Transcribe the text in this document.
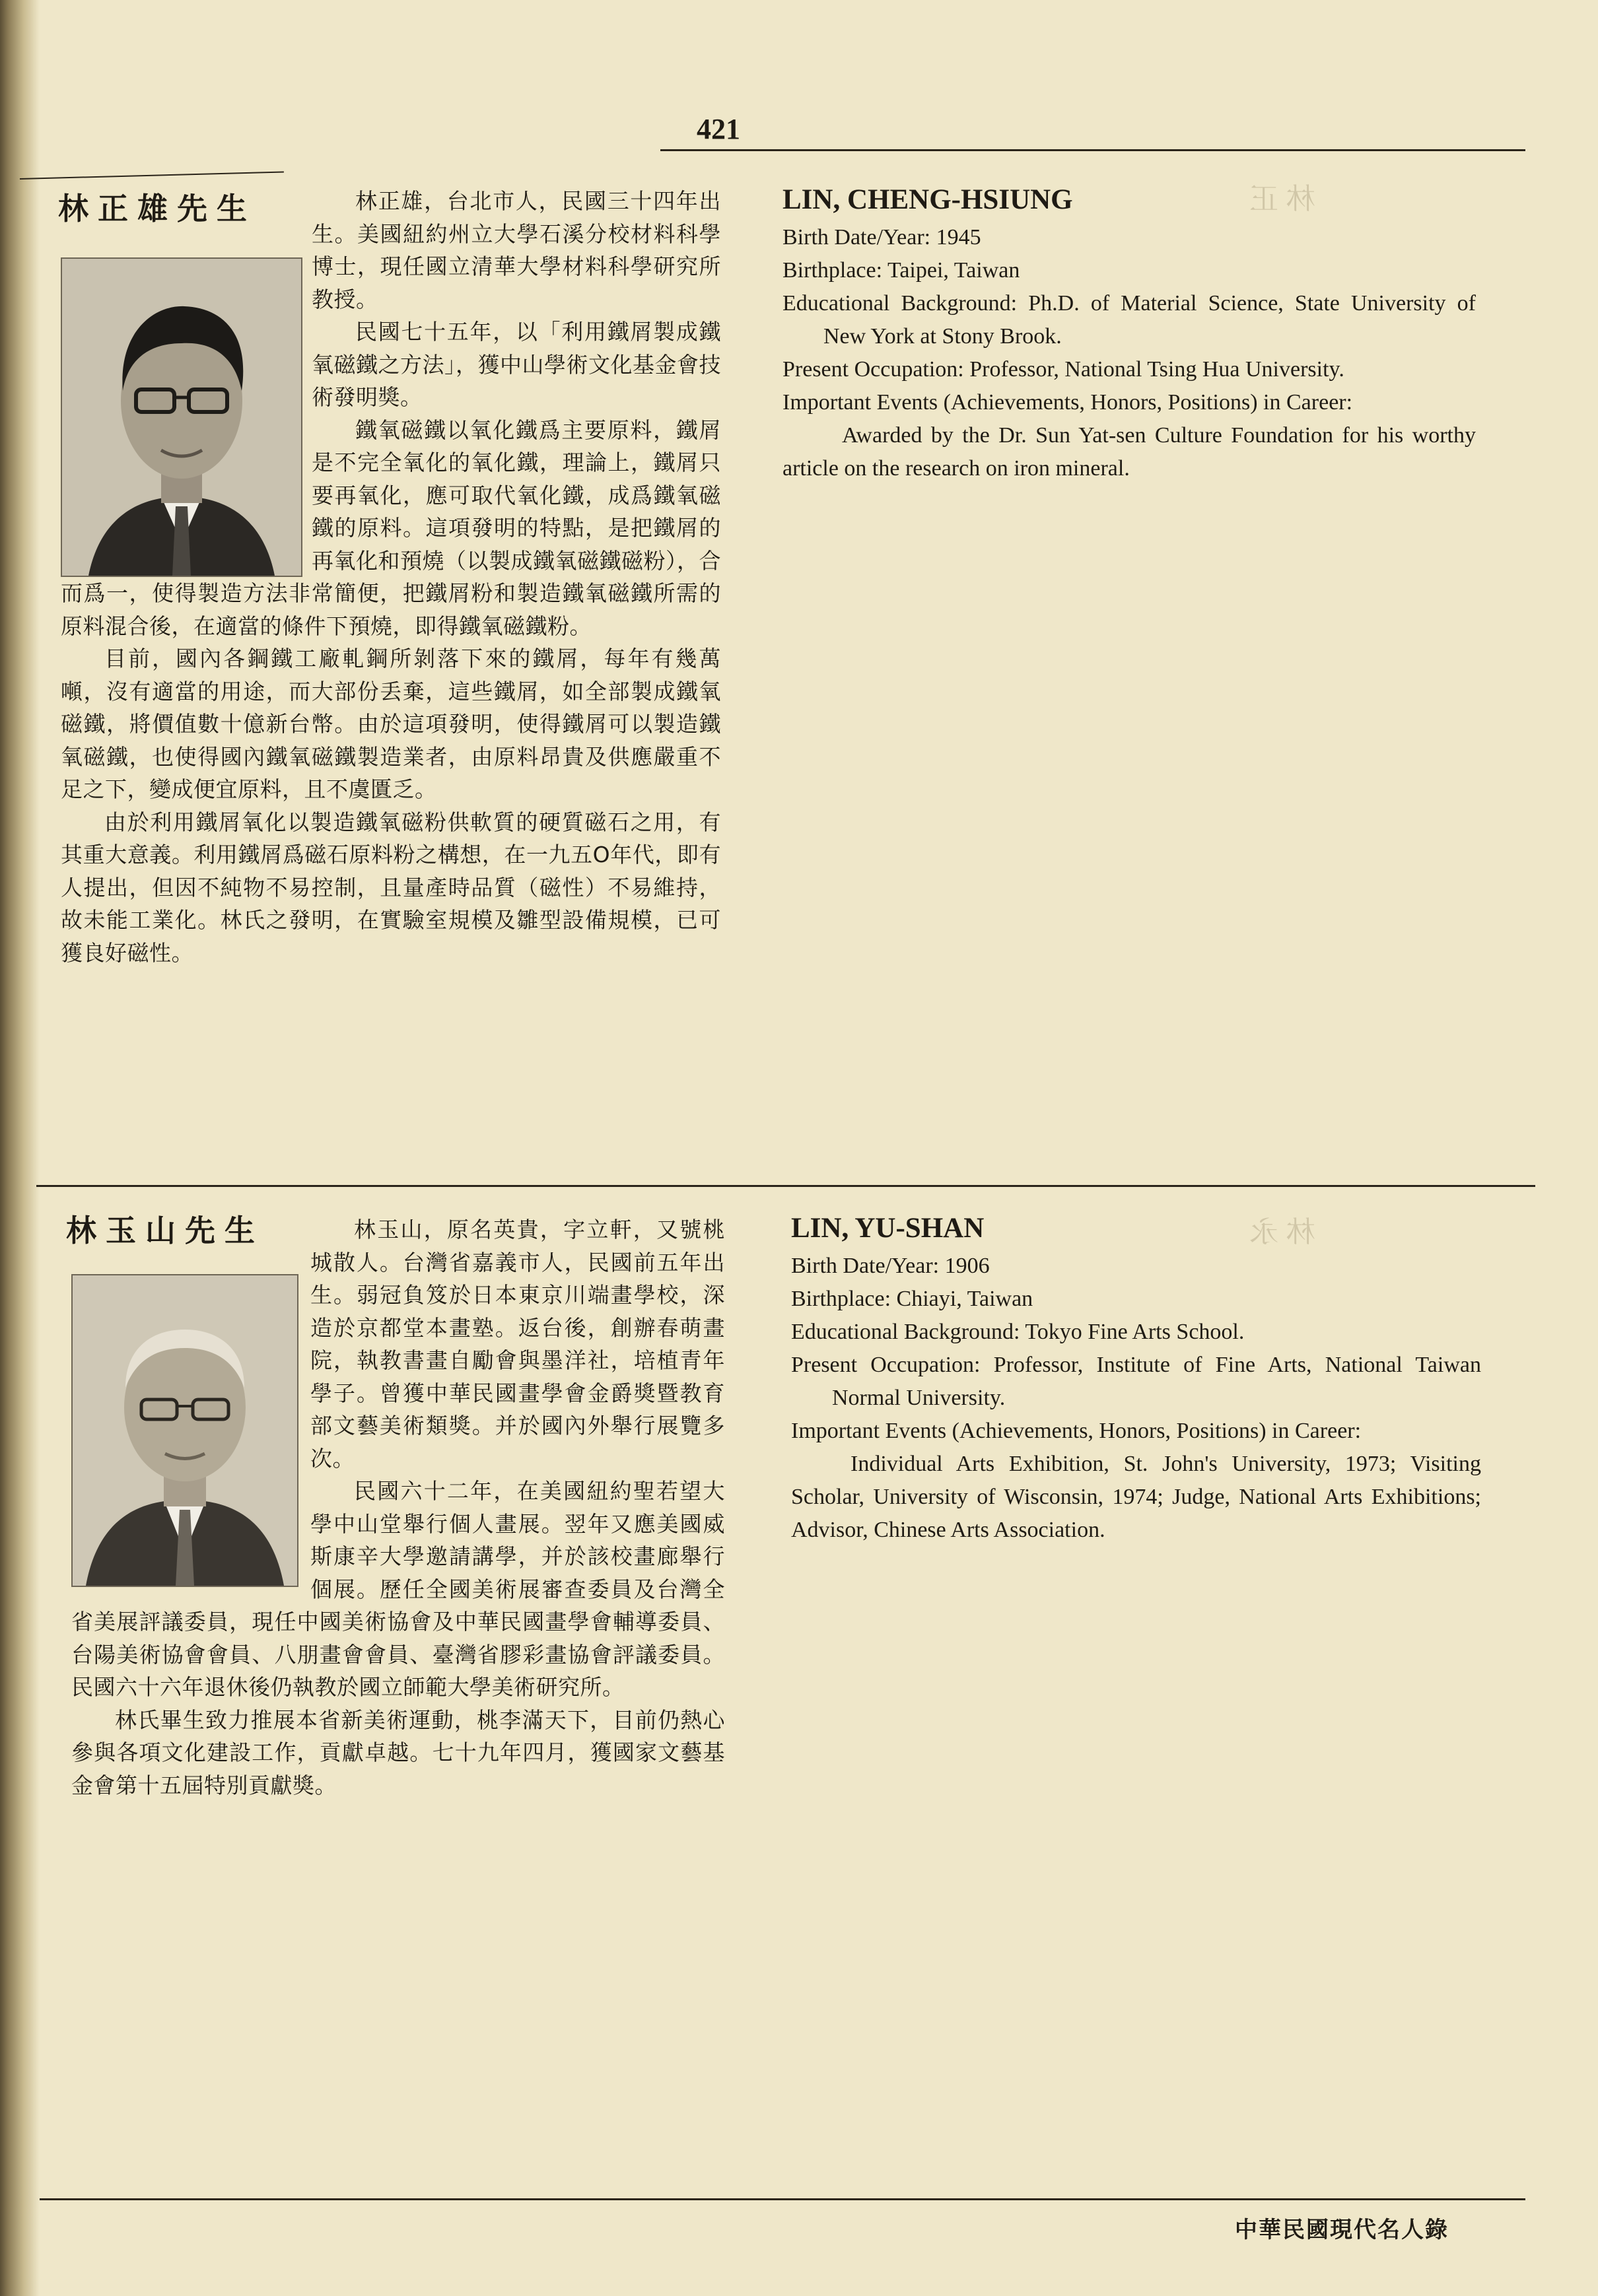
林正
林永
421
林正雄先生	林正雄，台北市人，民國三十四年出生。美國紐約州立大學石溪分校材料科學博士，現任國立清華大學材料科學研究所教授。

民國七十五年，以「利用鐵屑製成鐵氧磁鐵之方法」，獲中山學術文化基金會技術發明獎。

鐵氧磁鐵以氧化鐵爲主要原料，鐵屑是不完全氧化的氧化鐵，理論上，鐵屑只要再氧化，應可取代氧化鐵，成爲鐵氧磁鐵的原料。這項發明的特點，是把鐵屑的再氧化和預燒（以製成鐵氧磁鐵磁粉），合而爲一，使得製造方法非常簡便，把鐵屑粉和製造鐵氧磁鐵所需的原料混合後，在適當的條件下預燒，即得鐵氧磁鐵粉。

目前，國內各鋼鐵工廠軋鋼所剝落下來的鐵屑，每年有幾萬噸，沒有適當的用途，而大部份丢棄，這些鐵屑，如全部製成鐵氧磁鐵，將價值數十億新台幣。由於這項發明，使得鐵屑可以製造鐵氧磁鐵，也使得國內鐵氧磁鐵製造業者，由原料昂貴及供應嚴重不足之下，變成便宜原料，且不虞匱乏。

由於利用鐵屑氧化以製造鐵氧磁粉供軟質的硬質磁石之用，有其重大意義。利用鐵屑爲磁石原料粉之構想，在一九五O年代，即有人提出，但因不純物不易控制，且量產時品質（磁性）不易維持，故未能工業化。林氏之發明，在實驗室規模及雛型設備規模，已可獲良好磁性。

LIN, CHENG-HSIUNG

Birth Date/Year: 1945

Birthplace: Taipei, Taiwan

Educational Background: Ph.D. of Material Science, State University of New York at Stony Brook.

Present Occupation: Professor, National Tsing Hua University.

Important Events (Achievements, Honors, Positions) in Career:

Awarded by the Dr. Sun Yat-sen Culture Foundation for his worthy article on the research on iron mineral.

林玉山先生	林玉山，原名英貴，字立軒，又號桃城散人。台灣省嘉義市人，民國前五年出生。弱冠負笈於日本東京川端畫學校，深造於京都堂本畫塾。返台後，創辦春萌畫院，執教書畫自勵會與墨洋社，培植青年學子。曾獲中華民國畫學會金爵獎暨教育部文藝美術類獎。并於國內外舉行展覽多次。

民國六十二年，在美國紐約聖若望大學中山堂舉行個人畫展。翌年又應美國威斯康辛大學邀請講學，并於該校畫廊舉行個展。歷任全國美術展審查委員及台灣全省美展評議委員，現任中國美術協會及中華民國畫學會輔導委員、台陽美術協會會員、八朋畫會會員、臺灣省膠彩畫協會評議委員。民國六十六年退休後仍執教於國立師範大學美術研究所。

林氏畢生致力推展本省新美術運動，桃李滿天下，目前仍熱心參與各項文化建設工作，貢獻卓越。七十九年四月，獲國家文藝基金會第十五屆特別貢獻獎。

LIN, YU-SHAN

Birth Date/Year: 1906

Birthplace: Chiayi, Taiwan

Educational Background: Tokyo Fine Arts School.

Present Occupation: Professor, Institute of Fine Arts, National Taiwan Normal University.

Important Events (Achievements, Honors, Positions) in Career:

Individual Arts Exhibition, St. John's University, 1973; Visiting Scholar, University of Wisconsin, 1974; Judge, National Arts Exhibitions; Advisor, Chinese Arts Association.

中華民國現代名人錄
